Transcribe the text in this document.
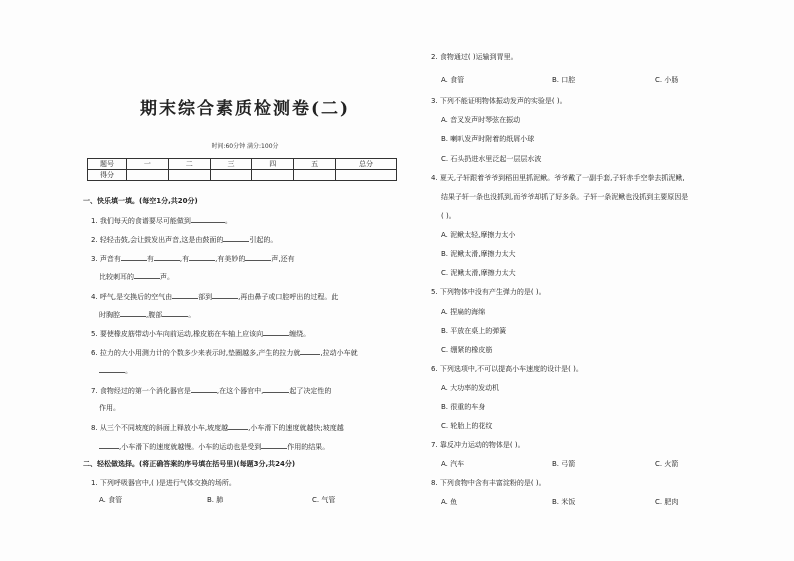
期末综合素质检测卷(二)
时间:60分钟 满分:100分
题号	一	二	三	四	五	总分
得分						
一、快乐填一填。(每空1分,共20分)
1. 我们每天的食谱要尽可能做到	。
2. 轻轻击鼓,会让鼓发出声音,这是由鼓面的	引起的。
3. 声音有	有	,有	,有美妙的	声,还有
比较刺耳的	声。
4. 呼气,是交换后的空气由	部到	,再由鼻子或口腔呼出的过程。此
时胸腔	,腹部	。
5. 要使橡皮筋带动小车向前运动,橡皮筋在车轴上应该向	缠绕。
6. 拉力的大小用测力计的个数多少来表示时,垫圈越多,产生的拉力就	,拉动小车就
。
7. 食物经过的第一个消化器官是	,在这个器官中,	起了决定性的
作用。
8. 从三个不同坡度的斜面上释放小车,坡度越	,小车滑下的速度就越快;坡度越
,小车滑下的速度就越慢。小车的运动也是受到	作用的结果。
二、轻松做选择。(将正确答案的序号填在括号里)(每题3分,共24分)
1. 下列呼吸器官中,( )是进行气体交换的场所。
A. 食管	B. 肺	C. 气管
2. 食物通过( )运输到胃里。
A. 食管	B. 口腔	C. 小肠
3. 下列不能证明物体振动发声的实验是( )。
A. 音叉发声时琴弦在振动
B. 喇叭发声时附着的纸屑小球
C. 石头扔进水里泛起一层层水波
4. 夏天,子轩跟着爷爷到稻田里抓泥鳅。爷爷戴了一副手套,子轩赤手空拳去抓泥鳅,
结果子轩一条也没抓到,而爷爷却抓了好多条。子轩一条泥鳅也没抓到主要原因是
( )。
A. 泥鳅太轻,摩擦力太小
B. 泥鳅太滑,摩擦力太大
C. 泥鳅太滑,摩擦力太大
5. 下列物体中没有产生弹力的是( )。
A. 捏扁的海绵
B. 平放在桌上的弹簧
C. 绷紧的橡皮筋
6. 下列选项中,不可以提高小车速度的设计是( )。
A. 大功率的发动机
B. 很重的车身
C. 轮胎上的花纹
7. 靠反冲力运动的物体是( )。
A. 汽车	B. 弓箭	C. 火箭
8. 下列食物中含有丰富淀粉的是( )。
A. 鱼	B. 米饭	C. 肥肉
